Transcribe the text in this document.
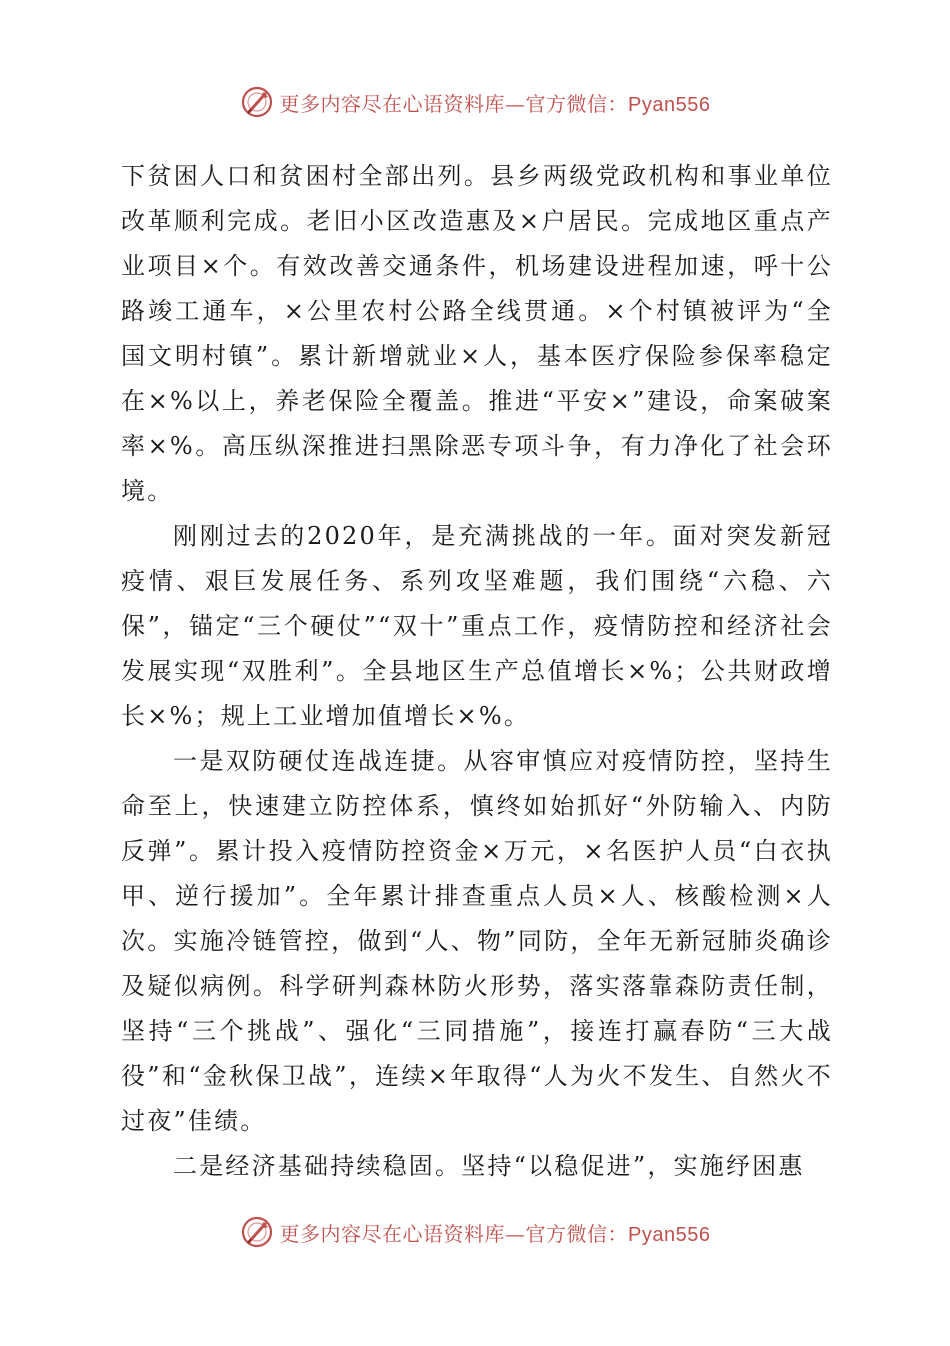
更多内容尽在心语资料库—官方微信：Pyan556

下贫困人口和贫困村全部出列。县乡两级党政机构和事业单位改革顺利完成。老旧小区改造惠及×户居民。完成地区重点产业项目×个。有效改善交通条件，机场建设进程加速，呼十公路竣工通车，×公里农村公路全线贯通。×个村镇被评为“全国文明村镇”。累计新增就业×人，基本医疗保险参保率稳定在×%以上，养老保险全覆盖。推进“平安×”建设，命案破案率×%。高压纵深推进扫黑除恶专项斗争，有力净化了社会环境。

刚刚过去的2020年，是充满挑战的一年。面对突发新冠疫情、艰巨发展任务、系列攻坚难题，我们围绕“六稳、六保”，锚定“三个硬仗”“双十”重点工作，疫情防控和经济社会发展实现“双胜利”。全县地区生产总值增长×%；公共财政增长×%；规上工业增加值增长×%。

一是双防硬仗连战连捷。从容审慎应对疫情防控，坚持生命至上，快速建立防控体系，慎终如始抓好“外防输入、内防反弹”。累计投入疫情防控资金×万元，×名医护人员“白衣执甲、逆行援加”。全年累计排查重点人员×人、核酸检测×人次。实施冷链管控，做到“人、物”同防，全年无新冠肺炎确诊及疑似病例。科学研判森林防火形势，落实落靠森防责任制，坚持“三个挑战”、强化“三同措施”，接连打赢春防“三大战役”和“金秋保卫战”，连续×年取得“人为火不发生、自然火不过夜”佳绩。

二是经济基础持续稳固。坚持“以稳促进”，实施纾困惠

更多内容尽在心语资料库—官方微信：Pyan556
